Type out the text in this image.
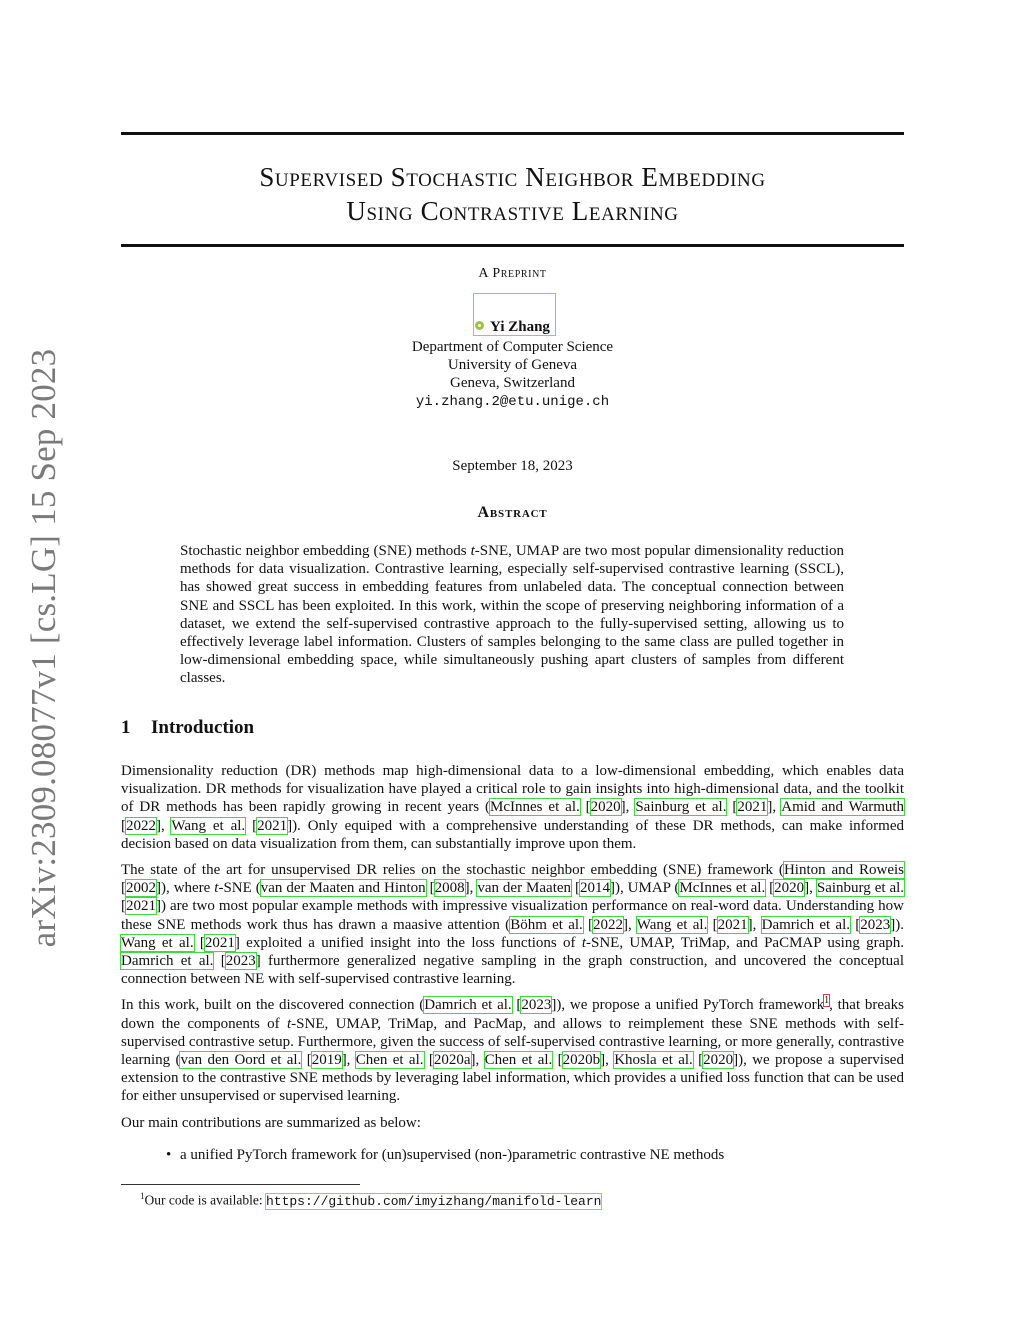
arXiv:2309.08077v1 [cs.LG] 15 Sep 2023
Supervised Stochastic Neighbor Embedding
Using Contrastive Learning
A Preprint
Yi Zhang
Department of Computer Science
University of Geneva
Geneva, Switzerland
yi.zhang.2@etu.unige.ch
September 18, 2023
Abstract
Stochastic neighbor embedding (SNE) methods t-SNE, UMAP are two most popular dimensionality reduction methods for data visualization. Contrastive learning, especially self-supervised contrastive learning (SSCL), has showed great success in embedding features from unlabeled data. The conceptual connection between SNE and SSCL has been exploited. In this work, within the scope of preserving neighboring information of a dataset, we extend the self-supervised contrastive approach to the fully-supervised setting, allowing us to effectively leverage label information. Clusters of samples belonging to the same class are pulled together in low-dimensional embedding space, while simultaneously pushing apart clusters of samples from different classes.
1 Introduction

Dimensionality reduction (DR) methods map high-dimensional data to a low-dimensional embedding, which enables data visualization. DR methods for visualization have played a critical role to gain insights into high-dimensional data, and the toolkit of DR methods has been rapidly growing in recent years (McInnes et al. [2020], Sainburg et al. [2021], Amid and Warmuth [2022], Wang et al. [2021]). Only equiped with a comprehensive understanding of these DR methods, can make informed decision based on data visualization from them, can substantially improve upon them.

The state of the art for unsupervised DR relies on the stochastic neighbor embedding (SNE) framework (Hinton and Roweis [2002]), where t-SNE (van der Maaten and Hinton [2008], van der Maaten [2014]), UMAP (McInnes et al. [2020], Sainburg et al. [2021]) are two most popular example methods with impressive visualization performance on real-word data. Understanding how these SNE methods work thus has drawn a maasive attention (Böhm et al. [2022], Wang et al. [2021], Damrich et al. [2023]). Wang et al. [2021] exploited a unified insight into the loss functions of t-SNE, UMAP, TriMap, and PaCMAP using graph. Damrich et al. [2023] furthermore generalized negative sampling in the graph construction, and uncovered the conceptual connection between NE with self-supervised contrastive learning.

In this work, built on the discovered connection (Damrich et al. [2023]), we propose a unified PyTorch framework$^1$, that breaks down the components of t-SNE, UMAP, TriMap, and PacMap, and allows to reimplement these SNE methods with self-supervised contrastive setup. Furthermore, given the success of self-supervised contrastive learning, or more generally, contrastive learning (van den Oord et al. [2019], Chen et al. [2020a], Chen et al. [2020b], Khosla et al. [2020]), we propose a supervised extension to the contrastive SNE methods by leveraging label information, which provides a unified loss function that can be used for either unsupervised or supervised learning.

Our main contributions are summarized as below:

• a unified PyTorch framework for (un)supervised (non-)parametric contrastive NE methods
$^1$Our code is available: https://github.com/imyizhang/manifold-learn
